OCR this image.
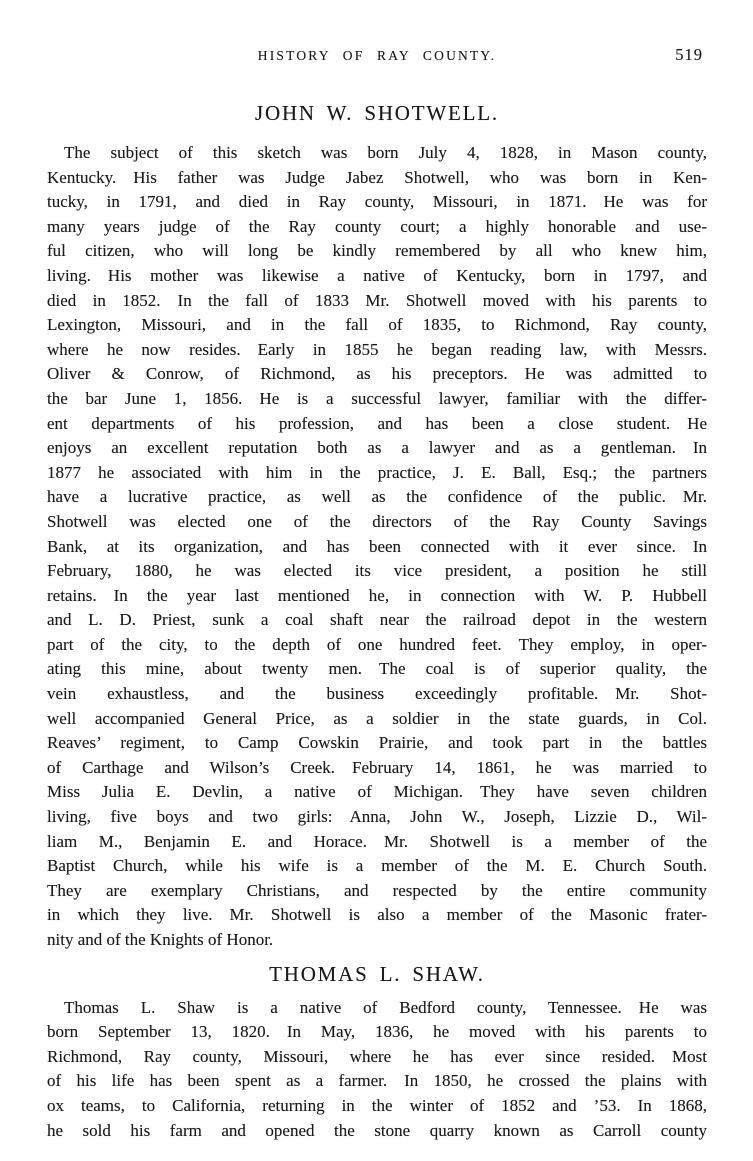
HISTORY OF RAY COUNTY.	519
JOHN W. SHOTWELL.
The subject of this sketch was born July 4, 1828, in Mason county,
Kentucky. His father was Judge Jabez Shotwell, who was born in Ken-
tucky, in 1791, and died in Ray county, Missouri, in 1871. He was for
many years judge of the Ray county court; a highly honorable and use-
ful citizen, who will long be kindly remembered by all who knew him,
living. His mother was likewise a native of Kentucky, born in 1797, and
died in 1852. In the fall of 1833 Mr. Shotwell moved with his parents to
Lexington, Missouri, and in the fall of 1835, to Richmond, Ray county,
where he now resides. Early in 1855 he began reading law, with Messrs.
Oliver & Conrow, of Richmond, as his preceptors. He was admitted to
the bar June 1, 1856. He is a successful lawyer, familiar with the differ-
ent departments of his profession, and has been a close student. He
enjoys an excellent reputation both as a lawyer and as a gentleman. In
1877 he associated with him in the practice, J. E. Ball, Esq.; the partners
have a lucrative practice, as well as the confidence of the public. Mr.
Shotwell was elected one of the directors of the Ray County Savings
Bank, at its organization, and has been connected with it ever since. In
February, 1880, he was elected its vice president, a position he still
retains. In the year last mentioned he, in connection with W. P. Hubbell
and L. D. Priest, sunk a coal shaft near the railroad depot in the western
part of the city, to the depth of one hundred feet. They employ, in oper-
ating this mine, about twenty men. The coal is of superior quality, the
vein exhaustless, and the business exceedingly profitable. Mr. Shot-
well accompanied General Price, as a soldier in the state guards, in Col.
Reaves’ regiment, to Camp Cowskin Prairie, and took part in the battles
of Carthage and Wilson’s Creek. February 14, 1861, he was married to
Miss Julia E. Devlin, a native of Michigan. They have seven children
living, five boys and two girls: Anna, John W., Joseph, Lizzie D., Wil-
liam M., Benjamin E. and Horace. Mr. Shotwell is a member of the
Baptist Church, while his wife is a member of the M. E. Church South.
They are exemplary Christians, and respected by the entire community
in which they live. Mr. Shotwell is also a member of the Masonic frater-
nity and of the Knights of Honor.
THOMAS L. SHAW.
Thomas L. Shaw is a native of Bedford county, Tennessee. He was
born September 13, 1820. In May, 1836, he moved with his parents to
Richmond, Ray county, Missouri, where he has ever since resided. Most
of his life has been spent as a farmer. In 1850, he crossed the plains with
ox teams, to California, returning in the winter of 1852 and ’53. In 1868,
he sold his farm and opened the stone quarry known as Carroll county
